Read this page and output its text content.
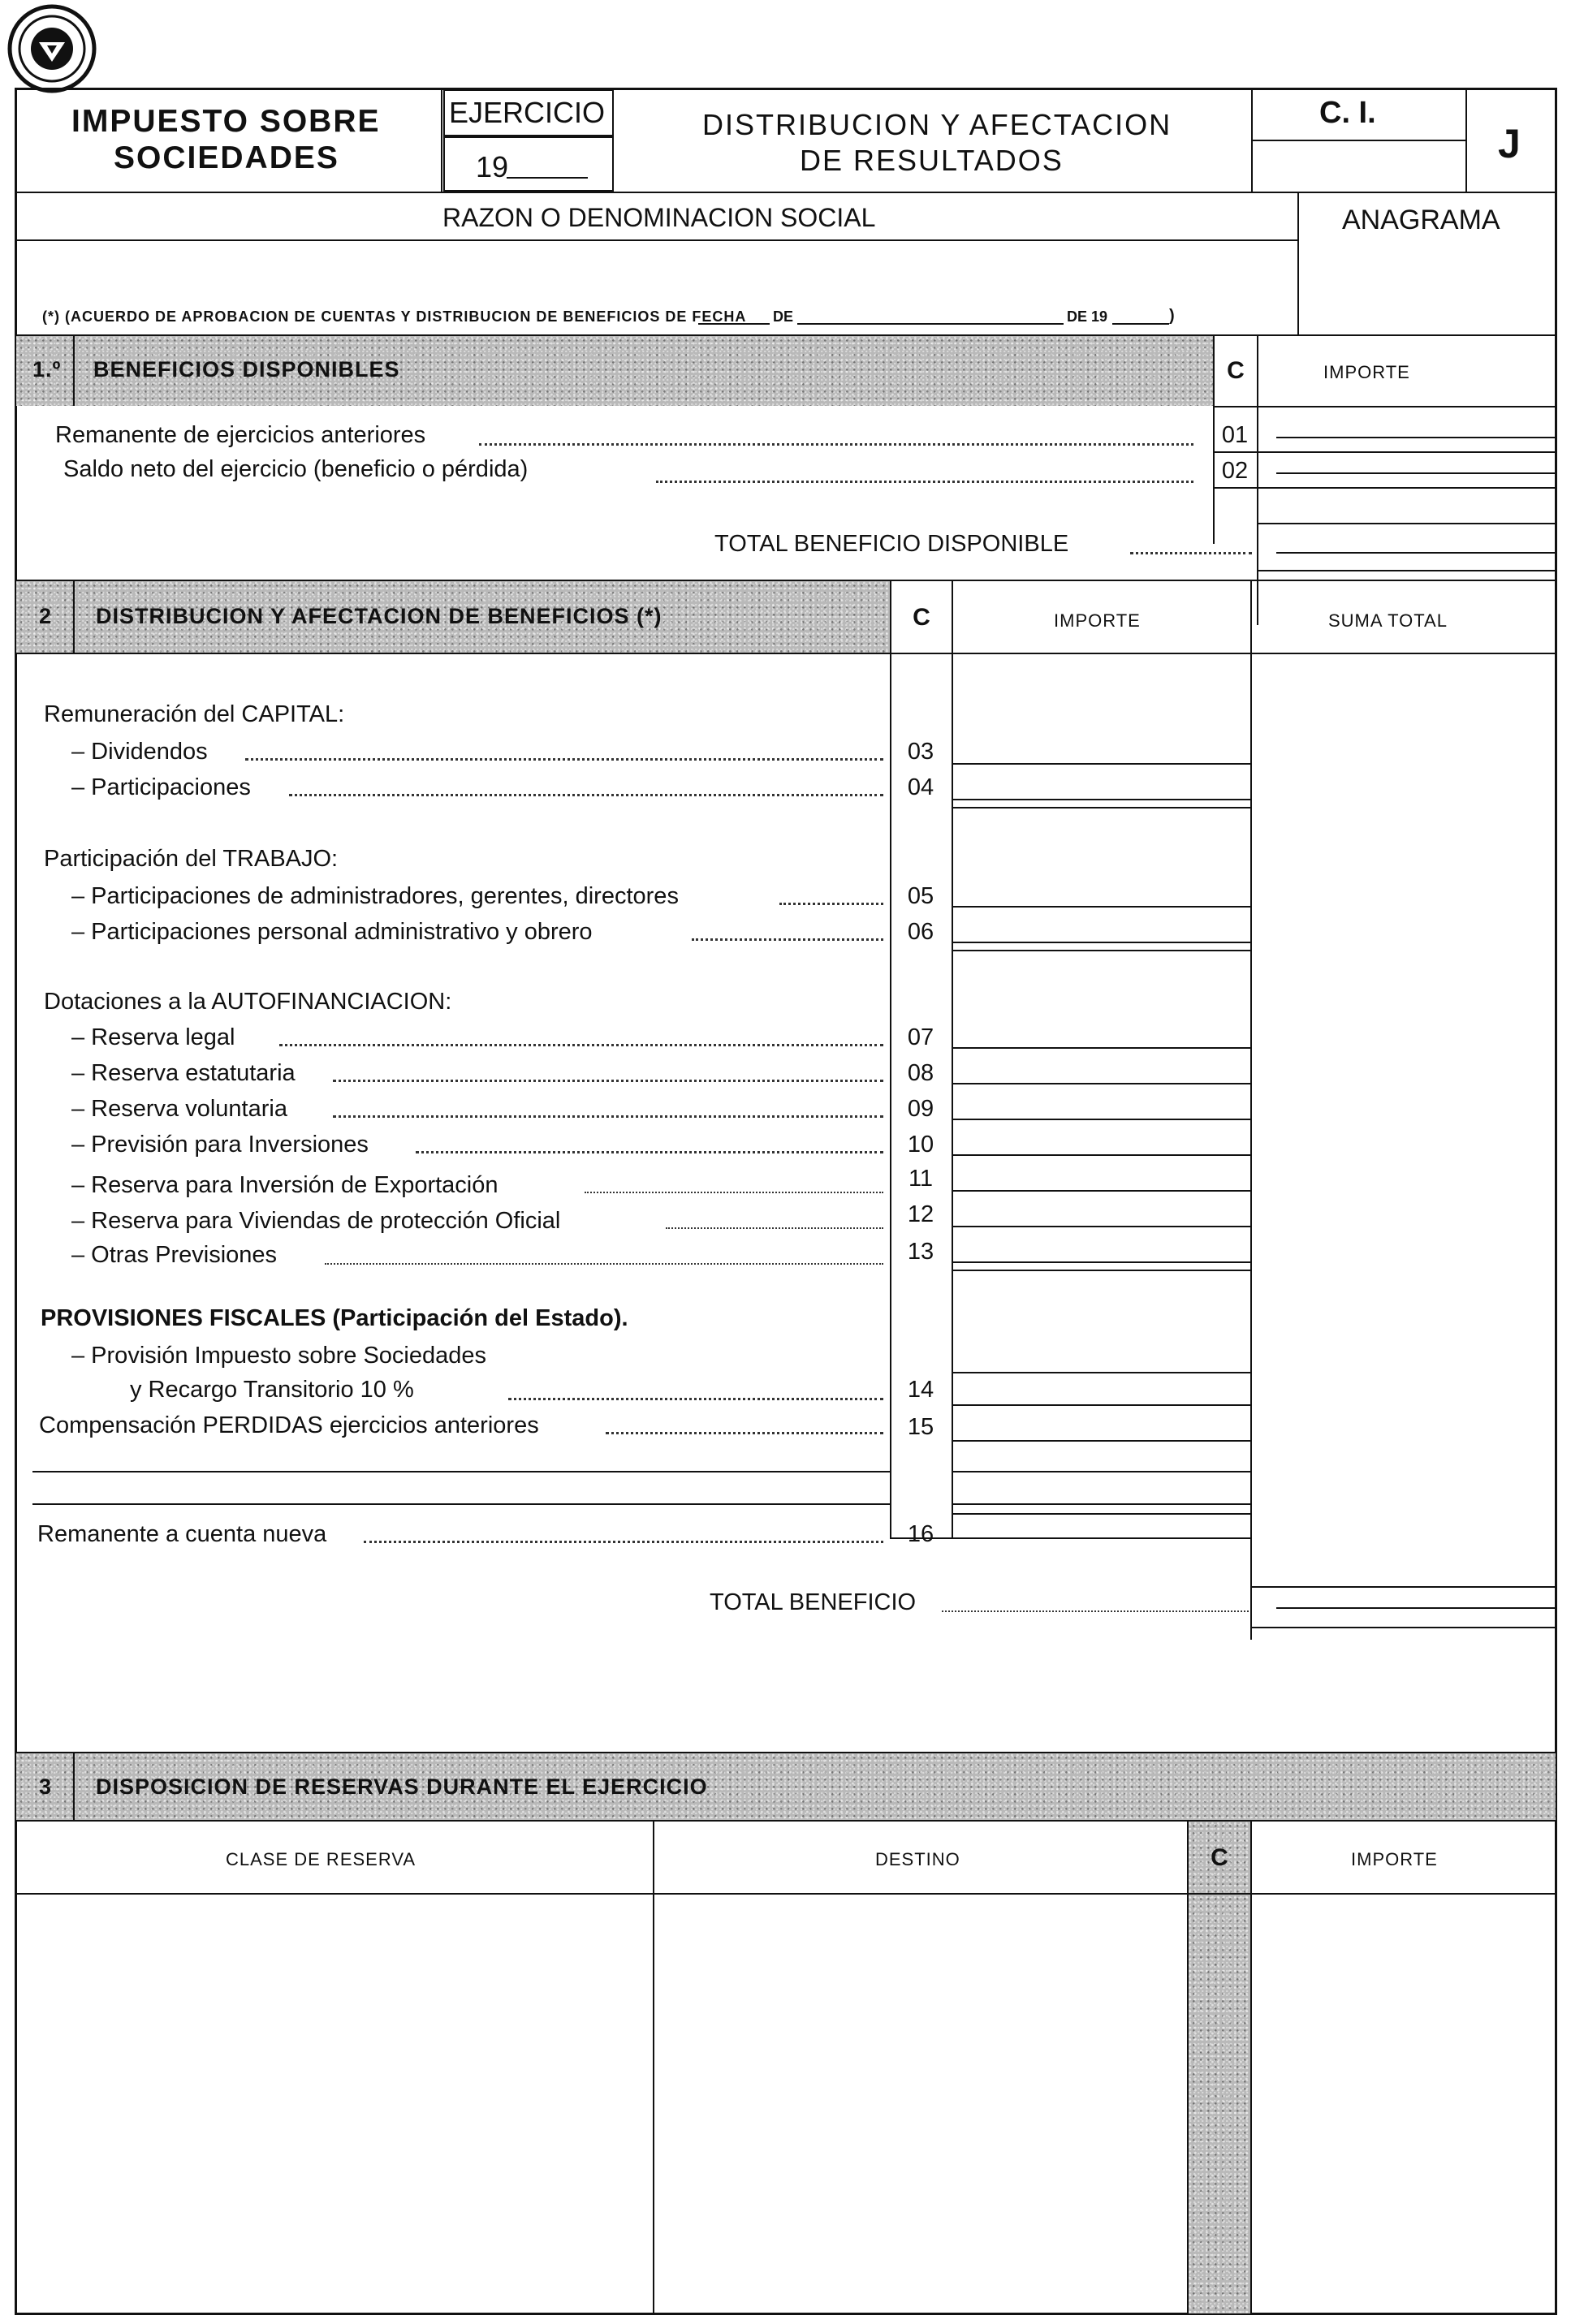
IMPUESTO SOBRE
SOCIEDADES
EJERCICIO
19
DISTRIBUCION Y AFECTACION
DE RESULTADOS
C. I.
J
RAZON O DENOMINACION SOCIAL	ANAGRAMA
(*) (ACUERDO DE APROBACION DE CUENTAS Y DISTRIBUCION DE BENEFICIOS DE FECHA DE	DE 19	)
1.º BENEFICIOS DISPONIBLES	C	IMPORTE
Remanente de ejercicios anteriores	01
Saldo neto del ejercicio (beneficio o pérdida)	02
TOTAL BENEFICIO DISPONIBLE
2 DISTRIBUCION Y AFECTACION DE BENEFICIOS (*)	C	IMPORTE	SUMA TOTAL
Remuneración del CAPITAL:
– Dividendos	03
– Participaciones	04
Participación del TRABAJO:
– Participaciones de administradores, gerentes, directores	05
– Participaciones personal administrativo y obrero	06
Dotaciones a la AUTOFINANCIACION:
– Reserva legal	07
– Reserva estatutaria	08
– Reserva voluntaria	09
– Previsión para Inversiones	10
– Reserva para Inversión de Exportación	11
– Reserva para Viviendas de protección Oficial	12
– Otras Previsiones	13
PROVISIONES FISCALES (Participación del Estado).
– Provisión Impuesto sobre Sociedades
y Recargo Transitorio 10 %	14
Compensación PERDIDAS ejercicios anteriores	15
Remanente a cuenta nueva	16
TOTAL BENEFICIO
3 DISPOSICION DE RESERVAS DURANTE EL EJERCICIO
CLASE DE RESERVA	DESTINO	C	IMPORTE
